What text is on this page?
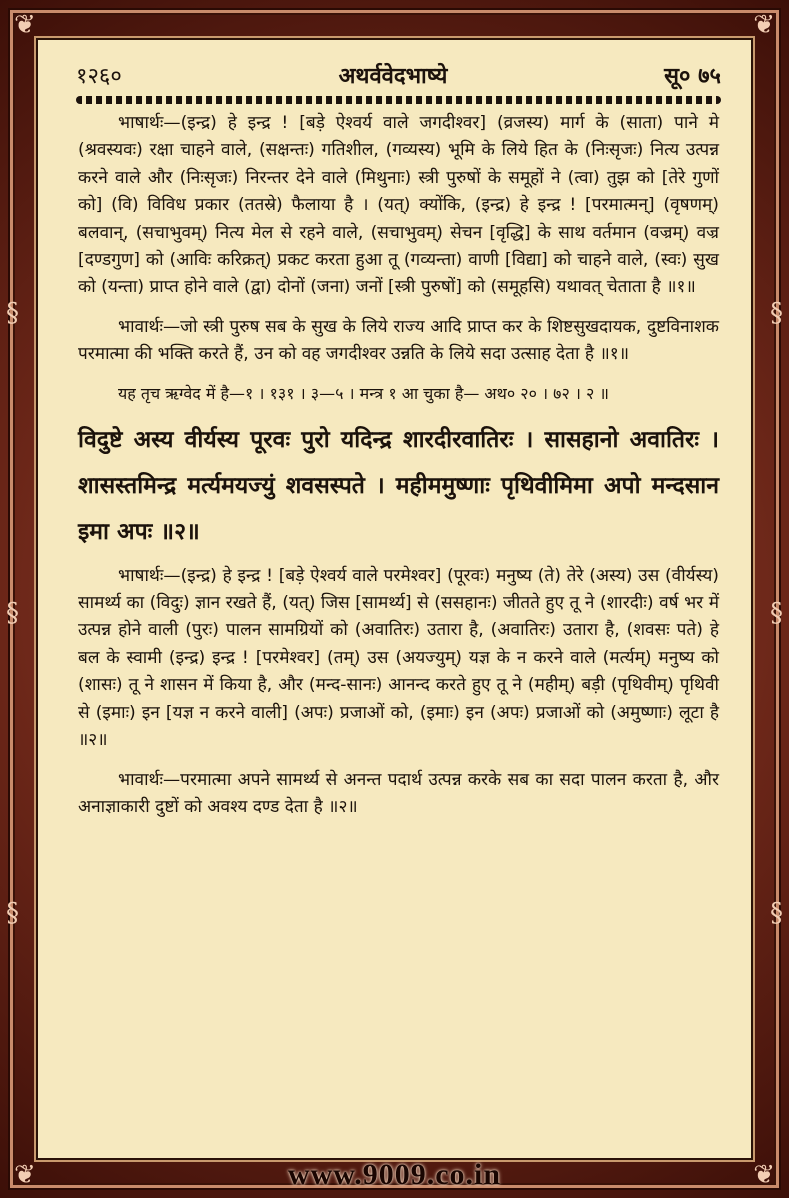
❦	❦
❦	❦
§
§
§
§
§
§
१२६०	अथर्ववेदभाष्ये	सू० ७५

भाषार्थः—(इन्द्र) हे इन्द्र ! [बड़े ऐश्वर्य वाले जगदीश्वर] (व्रजस्य) मार्ग के (साता) पाने मे (श्रवस्यवः) रक्षा चाहने वाले, (सक्षन्तः) गतिशील, (गव्यस्य) भूमि के लिये हित के (निःसृजः) नित्य उत्पन्न करने वाले और (निःसृजः) निरन्तर देने वाले (मिथुनाः) स्त्री पुरुषों के समूहों ने (त्वा) तुझ को [तेरे गुणों को] (वि) विविध प्रकार (ततस्रे) फैलाया है । (यत्) क्योंकि, (इन्द्र) हे इन्द्र ! [परमात्मन्] (वृषणम्) बलवान्, (सचाभुवम्) नित्य मेल से रहने वाले, (सचाभुवम्) सेचन [वृद्धि] के साथ वर्तमान (वज्रम्) वज्र [दण्डगुण] को (आविः करिक्रत्) प्रकट करता हुआ तू (गव्यन्ता) वाणी [विद्या] को चाहने वाले, (स्वः) सुख को (यन्ता) प्राप्त होने वाले (द्वा) दोनों (जना) जनों [स्त्री पुरुषों] को (समूहसि) यथावत् चेताता है ॥१॥

भावार्थः—जो स्त्री पुरुष सब के सुख के लिये राज्य आदि प्राप्त कर के शिष्टसुखदायक, दुष्टविनाशक परमात्मा की भक्ति करते हैं, उन को वह जगदीश्वर उन्नति के लिये सदा उत्साह देता है ॥१॥

यह तृच ऋग्वेद में है—१ । १३१ । ३—५ । मन्त्र १ आ चुका है— अथ० २० । ७२ । २ ॥

विदुष्टे अस्य वीर्यस्य पूरवः पुरो यदिन्द्र शारदीरवातिरः । सासहानो अवातिरः । शासस्तमिन्द्र मर्त्यमयज्युं शवसस्पते । महीममुष्णाः पृथिवीमिमा अपो मन्दसान इमा अपः ॥२॥

भाषार्थः—(इन्द्र) हे इन्द्र ! [बड़े ऐश्वर्य वाले परमेश्वर] (पूरवः) मनुष्य (ते) तेरे (अस्य) उस (वीर्यस्य) सामर्थ्य का (विदुः) ज्ञान रखते हैं, (यत्) जिस [सामर्थ्य] से (ससहानः) जीतते हुए तू ने (शारदीः) वर्ष भर में उत्पन्न होने वाली (पुरः) पालन सामग्रियों को (अवातिरः) उतारा है, (अवातिरः) उतारा है, (शवसः पते) हे बल के स्वामी (इन्द्र) इन्द्र ! [परमेश्वर] (तम्) उस (अयज्युम्) यज्ञ के न करने वाले (मर्त्यम्) मनुष्य को (शासः) तू ने शासन में किया है, और (मन्द-सानः) आनन्द करते हुए तू ने (महीम्) बड़ी (पृथिवीम्) पृथिवी से (इमाः) इन [यज्ञ न करने वाली] (अपः) प्रजाओं को, (इमाः) इन (अपः) प्रजाओं को (अमुष्णाः) लूटा है ॥२॥

भावार्थः—परमात्मा अपने सामर्थ्य से अनन्त पदार्थ उत्पन्न करके सब का सदा पालन करता है, और अनाज्ञाकारी दुष्टों को अवश्य दण्ड देता है ॥२॥

www.9009.co.in
